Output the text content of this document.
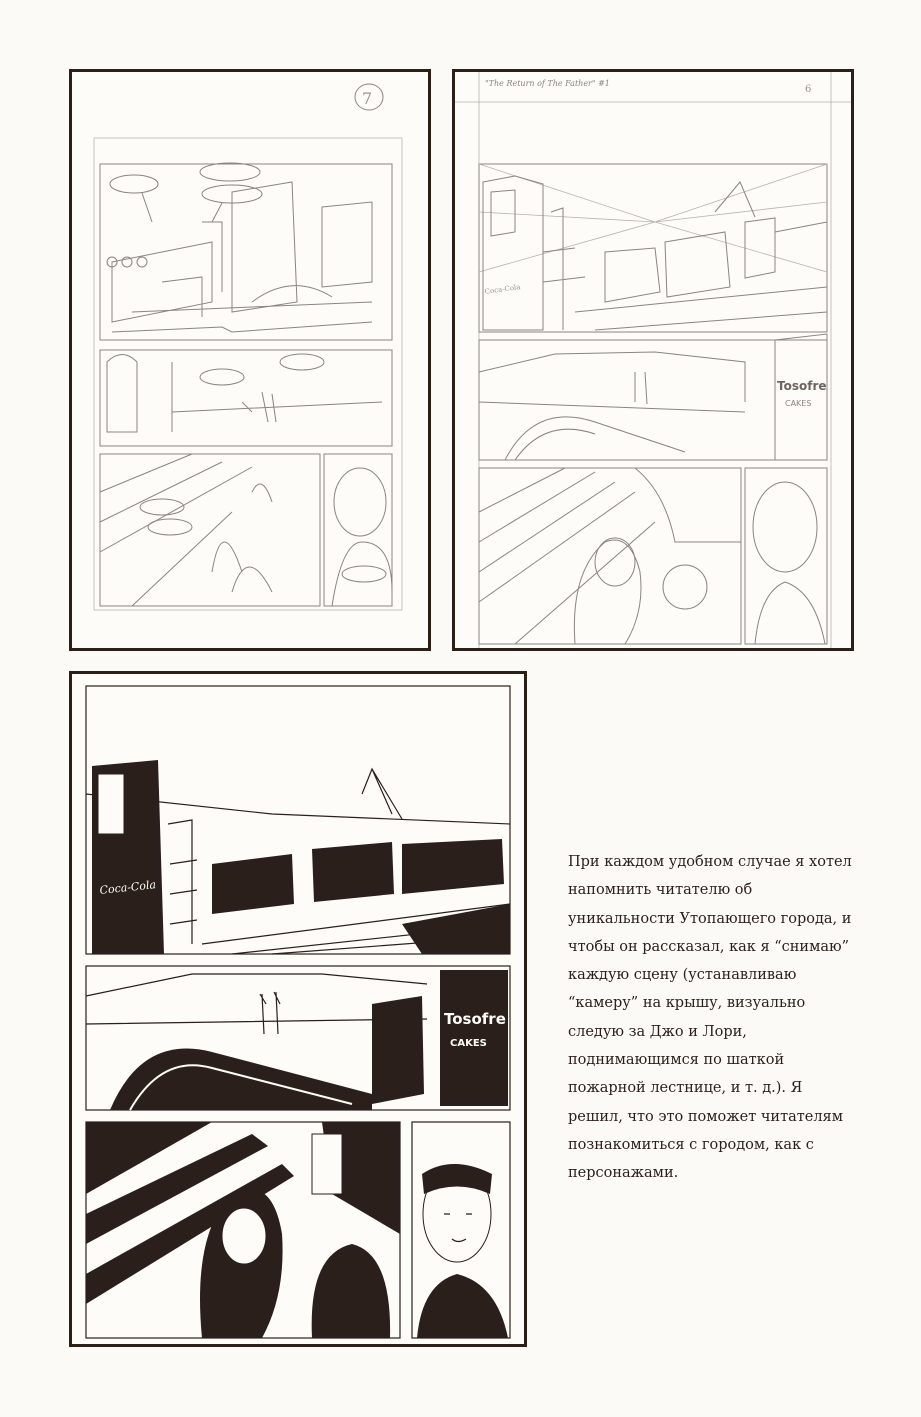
7
"The Return of The Father" #1
6
Coca-Cola
Tosofre
CAKES
Coca-Cola
Tosofre
CAKES

При каждом удобном случае я хотел напомнить читателю об уникальности Утопающего города, и чтобы он рассказал, как я “снимаю” каждую сцену (устанавливаю “камеру” на крышу, визуально следую за Джо и Лори, поднимающимся по шаткой пожарной лестнице, и т. д.). Я решил, что это поможет читателям познакомиться с городом, как с персонажами.
